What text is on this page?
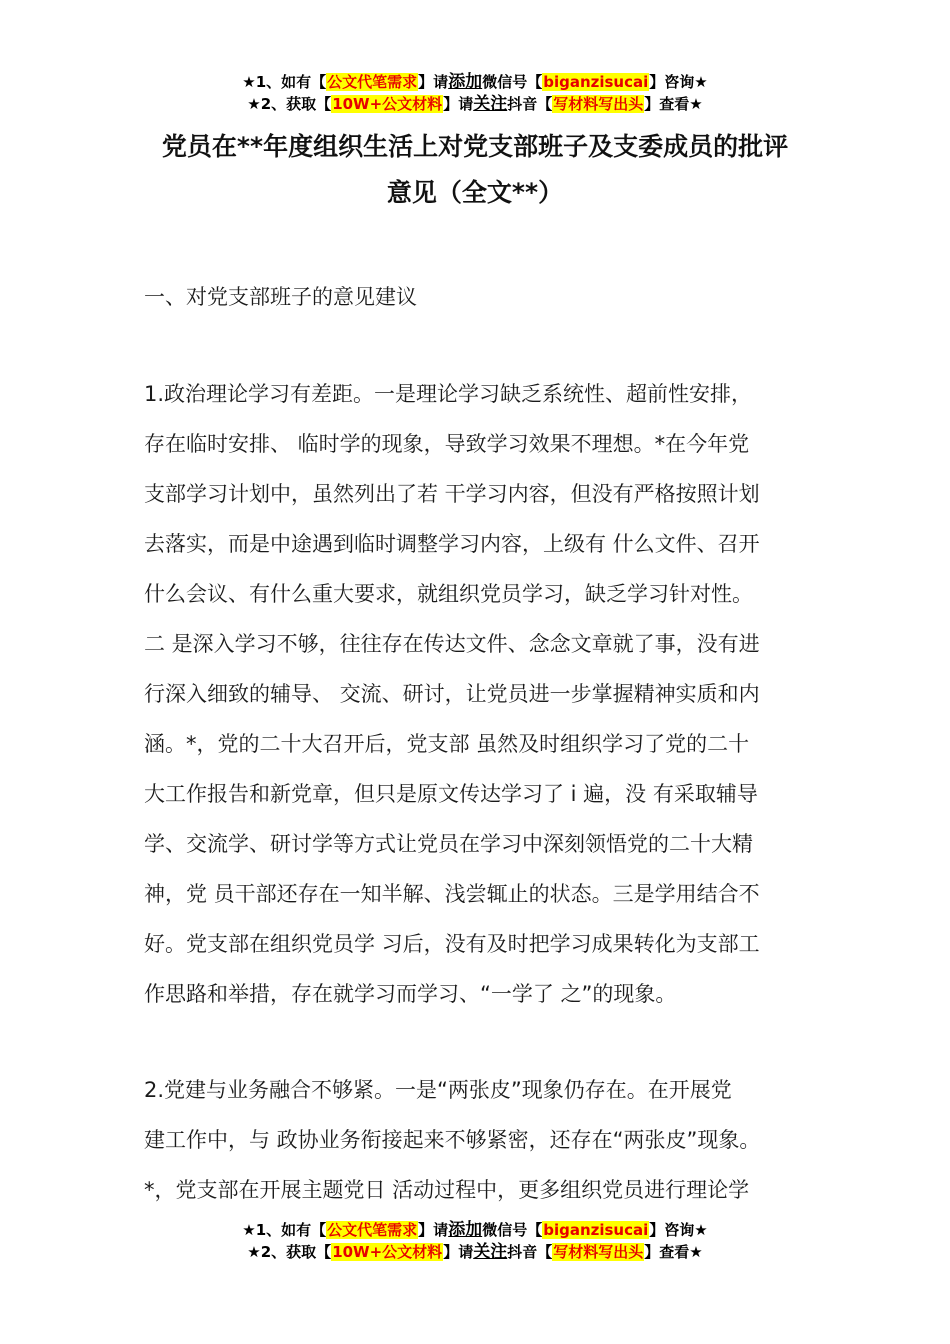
★1、如有【公文代笔需求】请添加微信号【biganzisucai】咨询★
★2、获取【10W+公文材料】请关注抖音【写材料写出头】查看★
党员在**年度组织生活上对党支部班子及支委成员的批评
意见（全文**）
一、对党支部班子的意见建议
1.政治理论学习有差距。一是理论学习缺乏系统性、超前性安排，
存在临时安排、 临时学的现象，导致学习效果不理想。*在今年党
支部学习计划中，虽然列出了若 干学习内容，但没有严格按照计划
去落实，而是中途遇到临时调整学习内容，上级有 什么文件、召开
什么会议、有什么重大要求，就组织党员学习，缺乏学习针对性。
二 是深入学习不够，往往存在传达文件、念念文章就了事，没有进
行深入细致的辅导、 交流、研讨，让党员进一步掌握精神实质和内
涵。*，党的二十大召开后，党支部 虽然及时组织学习了党的二十
大工作报告和新党章，但只是原文传达学习了 i 遍，没 有采取辅导
学、交流学、研讨学等方式让党员在学习中深刻领悟党的二十大精
神，党 员干部还存在一知半解、浅尝辄止的状态。三是学用结合不
好。党支部在组织党员学 习后，没有及时把学习成果转化为支部工
作思路和举措，存在就学习而学习、“一学了 之”的现象。
2.党建与业务融合不够紧。一是“两张皮”现象仍存在。在开展党
建工作中，与 政协业务衔接起来不够紧密，还存在“两张皮”现象。
*，党支部在开展主题党日 活动过程中，更多组织党员进行理论学
★1、如有【公文代笔需求】请添加微信号【biganzisucai】咨询★
★2、获取【10W+公文材料】请关注抖音【写材料写出头】查看★
